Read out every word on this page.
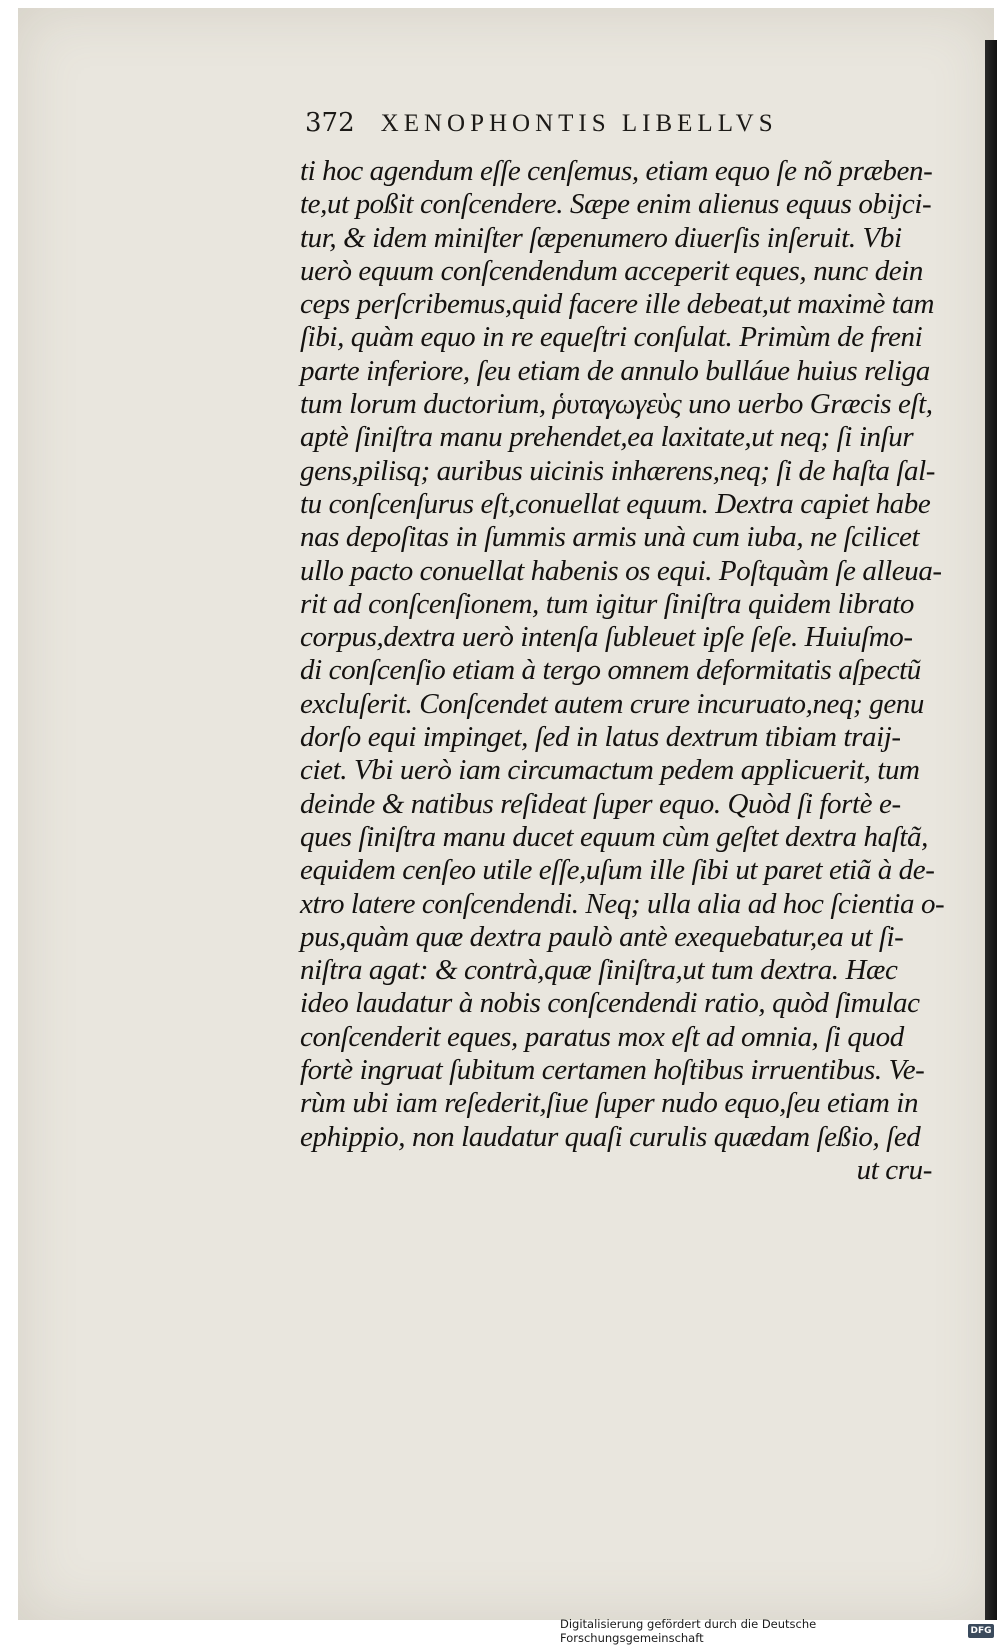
372 XENOPHONTIS LIBELLVS
ti hoc agendum eſſe cenſemus, etiam equo ſe nõ præben-
te,ut poßit conſcendere. Sæpe enim alienus equus obijci-
tur, & idem miniſter ſæpenumero diuerſis inſeruit. Vbi
uerò equum conſcendendum acceperit eques, nunc dein
ceps perſcribemus,quid facere ille debeat,ut maximè tam
ſibi, quàm equo in re equeſtri conſulat. Primùm de freni
parte inferiore, ſeu etiam de annulo bulláue huius religa
tum lorum ductorium, ῥυταγωγεὺς uno uerbo Græcis eſt,
aptè ſiniſtra manu prehendet,ea laxitate,ut neq; ſi inſur
gens,pilisq; auribus uicinis inhærens,neq; ſi de haſta ſal-
tu conſcenſurus eſt,conuellat equum. Dextra capiet habe
nas depoſitas in ſummis armis unà cum iuba, ne ſcilicet
ullo pacto conuellat habenis os equi. Poſtquàm ſe alleua-
rit ad conſcenſionem, tum igitur ſiniſtra quidem librato
corpus,dextra uerò intenſa ſubleuet ipſe ſeſe. Huiuſmo-
di conſcenſio etiam à tergo omnem deformitatis aſpectũ
excluſerit. Conſcendet autem crure incuruato,neq; genu
dorſo equi impinget, ſed in latus dextrum tibiam traij-
ciet. Vbi uerò iam circumactum pedem applicuerit, tum
deinde & natibus reſideat ſuper equo. Quòd ſi fortè e-
ques ſiniſtra manu ducet equum cùm geſtet dextra haſtã,
equidem cenſeo utile eſſe,uſum ille ſibi ut paret etiã à de-
xtro latere conſcendendi. Neq; ulla alia ad hoc ſcientia o-
pus,quàm quæ dextra paulò antè exequebatur,ea ut ſi-
niſtra agat: & contrà,quæ ſiniſtra,ut tum dextra. Hæc
ideo laudatur à nobis conſcendendi ratio, quòd ſimulac
conſcenderit eques, paratus mox eſt ad omnia, ſi quod
fortè ingruat ſubitum certamen hoſtibus irruentibus. Ve-
rùm ubi iam reſederit,ſiue ſuper nudo equo,ſeu etiam in
ephippio, non laudatur quaſi curulis quædam ſeßio, ſed
ut cru-
Digitalisierung gefördert durch die Deutsche Forschungsgemeinschaft	DFG
